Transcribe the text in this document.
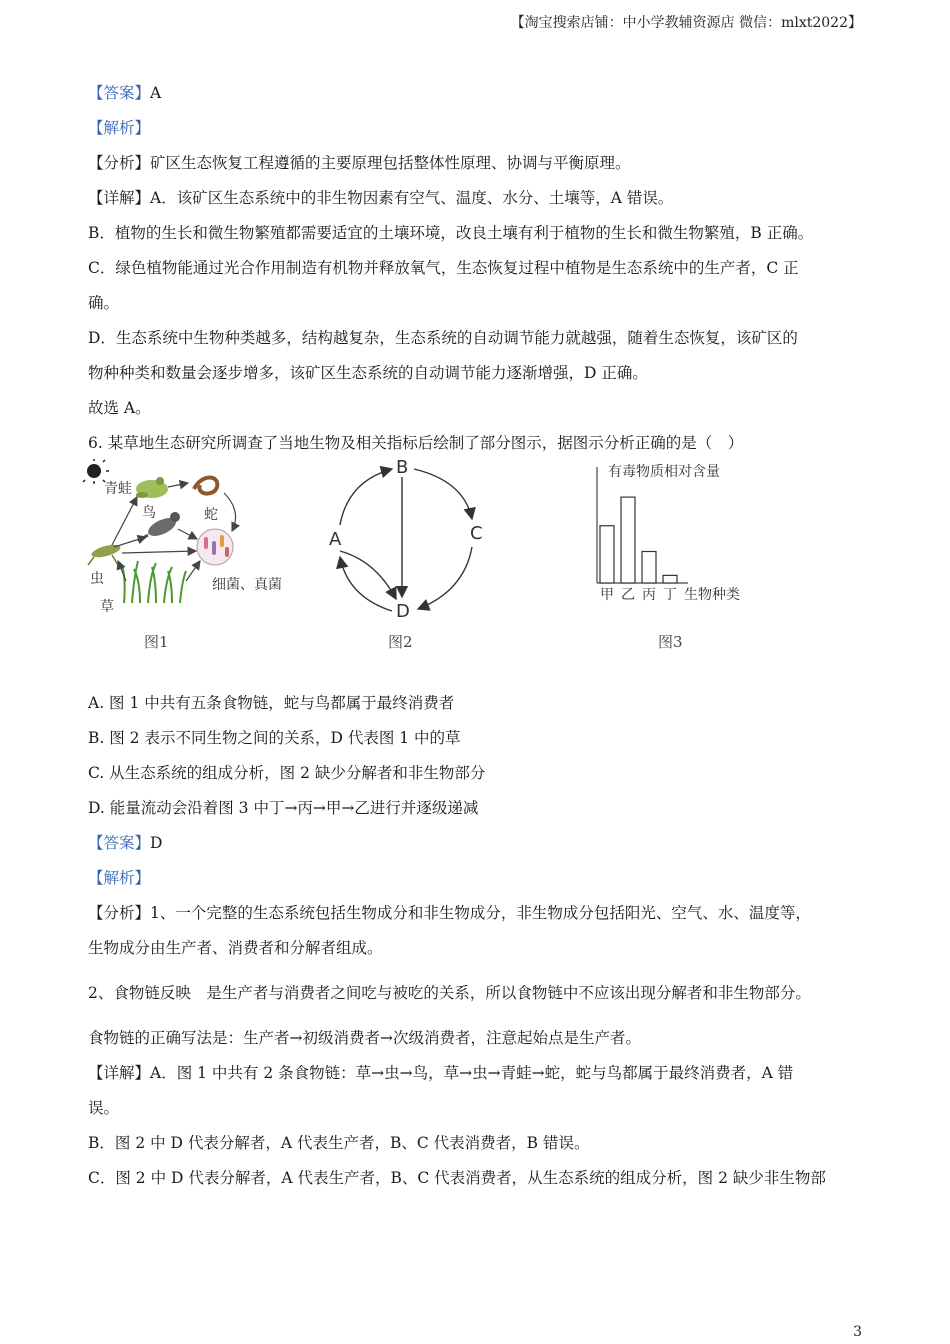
【淘宝搜索店铺：中小学教辅资源店 微信：mlxt2022】
【答案】A
【解析】
【分析】矿区生态恢复工程遵循的主要原理包括整体性原理、协调与平衡原理。
【详解】A．该矿区生态系统中的非生物因素有空气、温度、水分、土壤等，A 错误。
B．植物的生长和微生物繁殖都需要适宜的土壤环境，改良土壤有利于植物的生长和微生物繁殖，B 正确。
C．绿色植物能通过光合作用制造有机物并释放氧气，生态恢复过程中植物是生态系统中的生产者，C 正
确。
D．生态系统中生物种类越多，结构越复杂，生态系统的自动调节能力就越强，随着生态恢复，该矿区的
物种种类和数量会逐步增多，该矿区生态系统的自动调节能力逐渐增强，D 正确。
故选 A。
6. 某草地生态研究所调查了当地生物及相关指标后绘制了部分图示，据图示分析正确的是（　）
青蛙
蛇
鸟
虫	细菌、真菌
草
图1
B
A	C
D
图2
有毒物质相对含量
甲 乙 丙 丁 生物种类
图3
A. 图 1 中共有五条食物链，蛇与鸟都属于最终消费者
B. 图 2 表示不同生物之间的关系，D 代表图 1 中的草
C. 从生态系统的组成分析，图 2 缺少分解者和非生物部分
D. 能量流动会沿着图 3 中丁→丙→甲→乙进行并逐级递减
【答案】D
【解析】
【分析】1、一个完整的生态系统包括生物成分和非生物成分，非生物成分包括阳光、空气、水、温度等，
生物成分由生产者、消费者和分解者组成。
2、食物链反映　是生产者与消费者之间吃与被吃的关系，所以食物链中不应该出现分解者和非生物部分。
食物链的正确写法是：生产者→初级消费者→次级消费者，注意起始点是生产者。
【详解】A．图 1 中共有 2 条食物链：草→虫→鸟，草→虫→青蛙→蛇，蛇与鸟都属于最终消费者，A 错
误。
B．图 2 中 D 代表分解者，A 代表生产者，B、C 代表消费者，B 错误。
C．图 2 中 D 代表分解者，A 代表生产者，B、C 代表消费者，从生态系统的组成分析，图 2 缺少非生物部
3
